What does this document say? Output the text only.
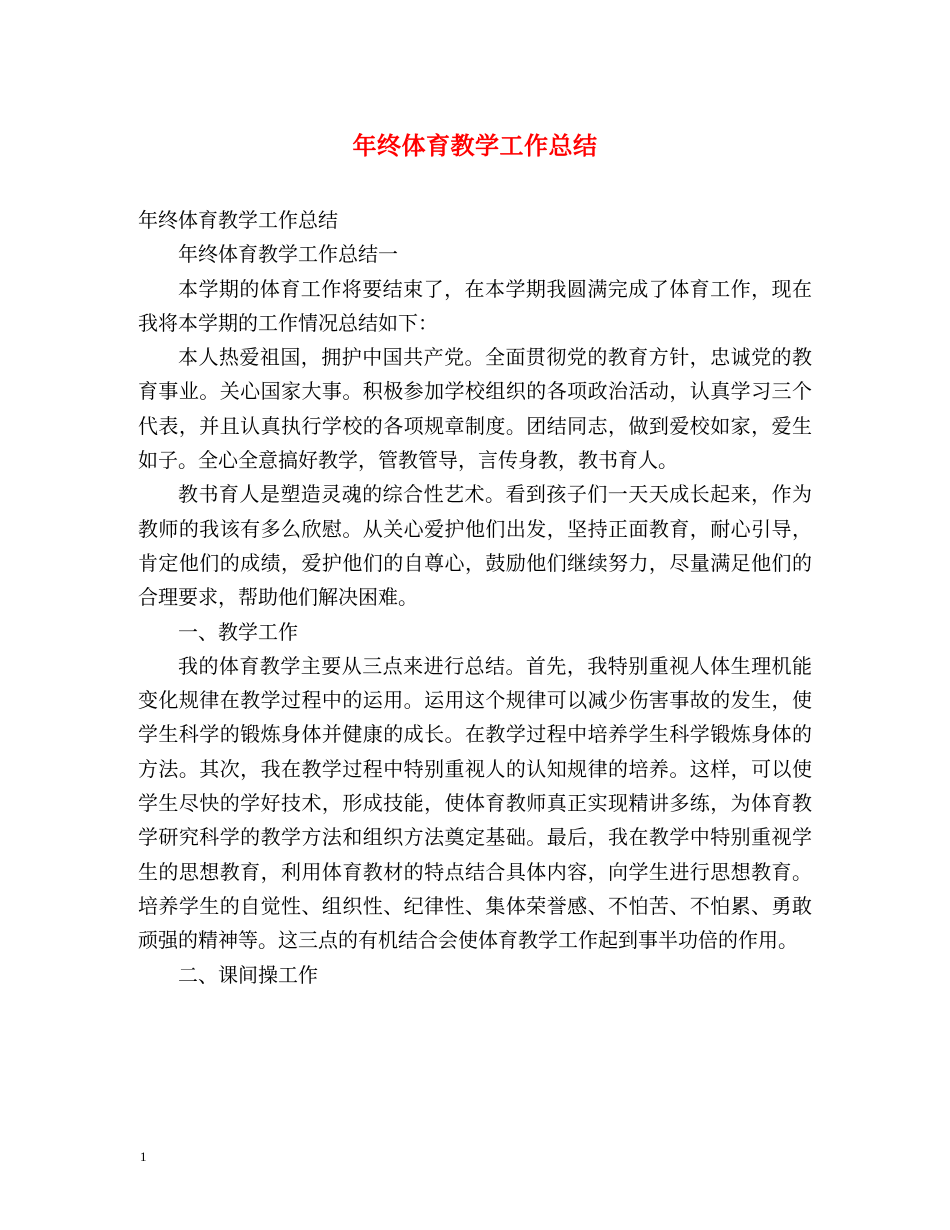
年终体育教学工作总结

年终体育教学工作总结

年终体育教学工作总结一

本学期的体育工作将要结束了，在本学期我圆满完成了体育工作，现在我将本学期的工作情况总结如下：

本人热爱祖国，拥护中国共产党。全面贯彻党的教育方针，忠诚党的教育事业。关心国家大事。积极参加学校组织的各项政治活动，认真学习三个代表，并且认真执行学校的各项规章制度。团结同志，做到爱校如家，爱生如子。全心全意搞好教学，管教管导，言传身教，教书育人。

教书育人是塑造灵魂的综合性艺术。看到孩子们一天天成长起来，作为教师的我该有多么欣慰。从关心爱护他们出发，坚持正面教育，耐心引导，肯定他们的成绩，爱护他们的自尊心，鼓励他们继续努力，尽量满足他们的合理要求，帮助他们解决困难。

一、教学工作

我的体育教学主要从三点来进行总结。首先，我特别重视人体生理机能变化规律在教学过程中的运用。运用这个规律可以减少伤害事故的发生，使学生科学的锻炼身体并健康的成长。在教学过程中培养学生科学锻炼身体的方法。其次，我在教学过程中特别重视人的认知规律的培养。这样，可以使学生尽快的学好技术，形成技能，使体育教师真正实现精讲多练，为体育教学研究科学的教学方法和组织方法奠定基础。最后，我在教学中特别重视学生的思想教育，利用体育教材的特点结合具体内容，向学生进行思想教育。培养学生的自觉性、组织性、纪律性、集体荣誉感、不怕苦、不怕累、勇敢顽强的精神等。这三点的有机结合会使体育教学工作起到事半功倍的作用。

二、课间操工作

1
